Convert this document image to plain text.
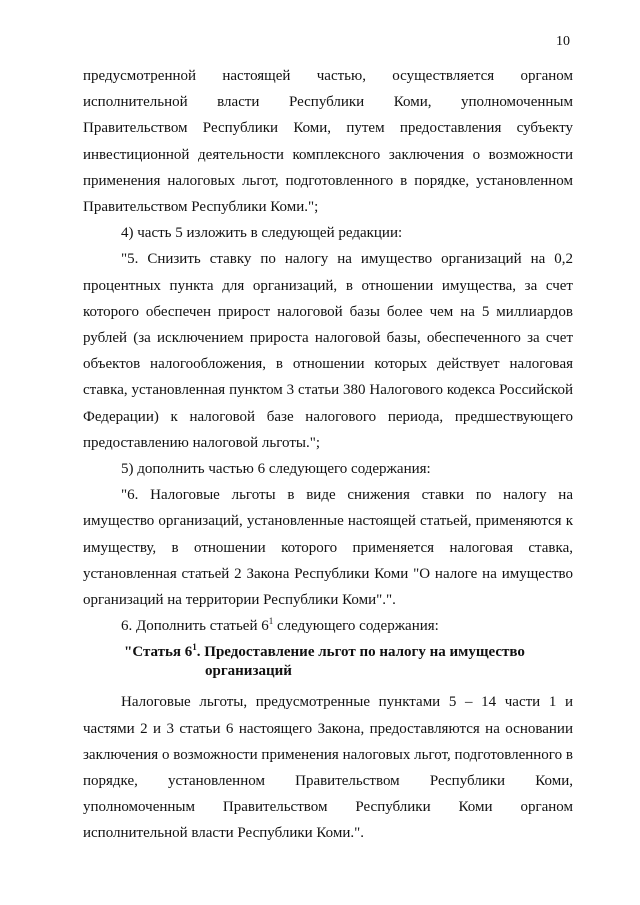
10

предусмотренной настоящей частью, осуществляется органом исполнительной власти Республики Коми, уполномоченным Правительством Республики Коми, путем предоставления субъекту инвестиционной деятельности комплексного заключения о возможности применения налоговых льгот, подготовленного в порядке, установленном Правительством Республики Коми.";

4) часть 5 изложить в следующей редакции:

"5. Снизить ставку по налогу на имущество организаций на 0,2 процентных пункта для организаций, в отношении имущества, за счет которого обеспечен прирост налоговой базы более чем на 5 миллиардов рублей (за исключением прироста налоговой базы, обеспеченного за счет объектов налогообложения, в отношении которых действует налоговая ставка, установленная пунктом 3 статьи 380 Налогового кодекса Российской Федерации) к налоговой базе налогового периода, предшествующего предоставлению налоговой льготы.";

5) дополнить частью 6 следующего содержания:

"6. Налоговые льготы в виде снижения ставки по налогу на имущество организаций, установленные настоящей статьей, применяются к имуществу, в отношении которого применяется налоговая ставка, установленная статьей 2 Закона Республики Коми "О налоге на имущество организаций на территории Республики Коми".".

6. Дополнить статьей $6^1$ следующего содержания:

"Статья $6^1$. Предоставление льгот по налогу на имущество
организаций

Налоговые льготы, предусмотренные пунктами 5 – 14 части 1 и частями 2 и 3 статьи 6 настоящего Закона, предоставляются на основании заключения о возможности применения налоговых льгот, подготовленного в порядке, установленном Правительством Республики Коми, уполномоченным Правительством Республики Коми органом исполнительной власти Республики Коми.".
